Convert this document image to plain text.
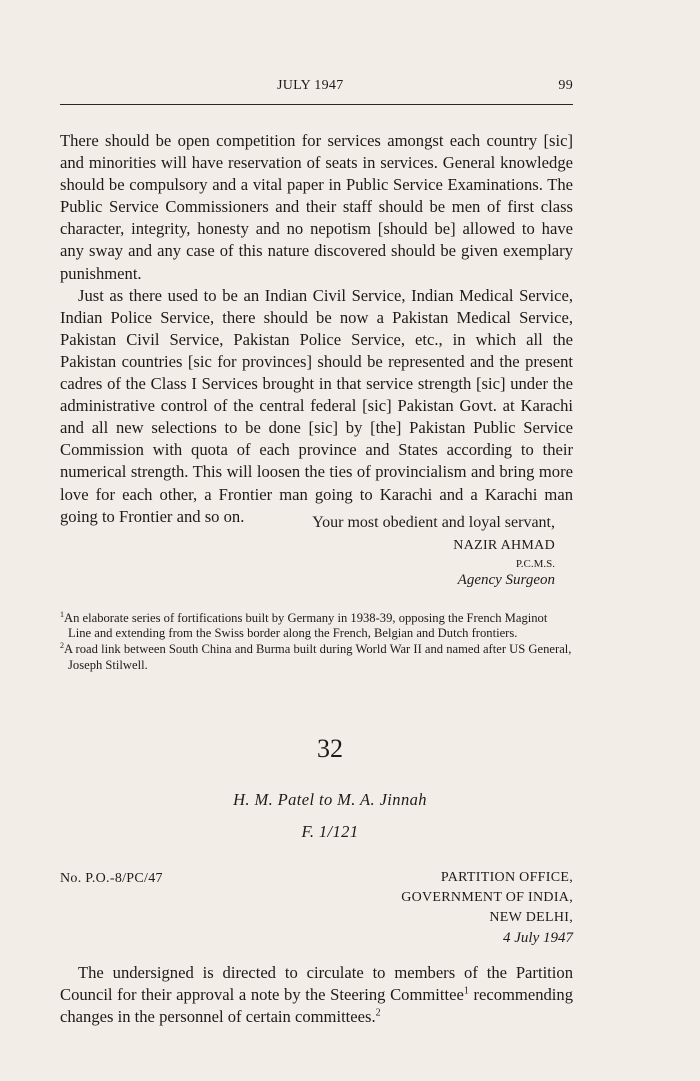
JULY 1947	99

There should be open competition for services amongst each country [sic] and minorities will have reservation of seats in services. General knowledge should be compulsory and a vital paper in Public Service Examinations. The Public Service Commissioners and their staff should be men of first class character, integrity, honesty and no nepotism [should be] allowed to have any sway and any case of this nature discovered should be given exemplary punishment.

Just as there used to be an Indian Civil Service, Indian Medical Service, Indian Police Service, there should be now a Pakistan Medical Service, Pakistan Civil Service, Pakistan Police Service, etc., in which all the Pakistan countries [sic for provinces] should be represented and the present cadres of the Class I Services brought in that service strength [sic] under the administrative control of the central federal [sic] Pakistan Govt. at Karachi and all new selections to be done [sic] by [the] Pakistan Public Service Commission with quota of each province and States according to their numerical strength. This will loosen the ties of provincialism and bring more love for each other, a Frontier man going to Karachi and a Karachi man going to Frontier and so on.	Your most obedient and loyal servant,
NAZIR AHMAD
P.C.M.S.
Agency Surgeon

$^1$An elaborate series of fortifications built by Germany in 1938-39, opposing the French Maginot Line and extending from the Swiss border along the French, Belgian and Dutch frontiers.

$^2$A road link between South China and Burma built during World War II and named after US General, Joseph Stilwell.

32
H. M. Patel to M. A. Jinnah
F. 1/121
No. P.O.-8/PC/47	PARTITION OFFICE,
GOVERNMENT OF INDIA,
NEW DELHI,
4 July 1947

The undersigned is directed to circulate to members of the Partition Council for their approval a note by the Steering Committee$^1$ recommending changes in the personnel of certain committees.$^2$
